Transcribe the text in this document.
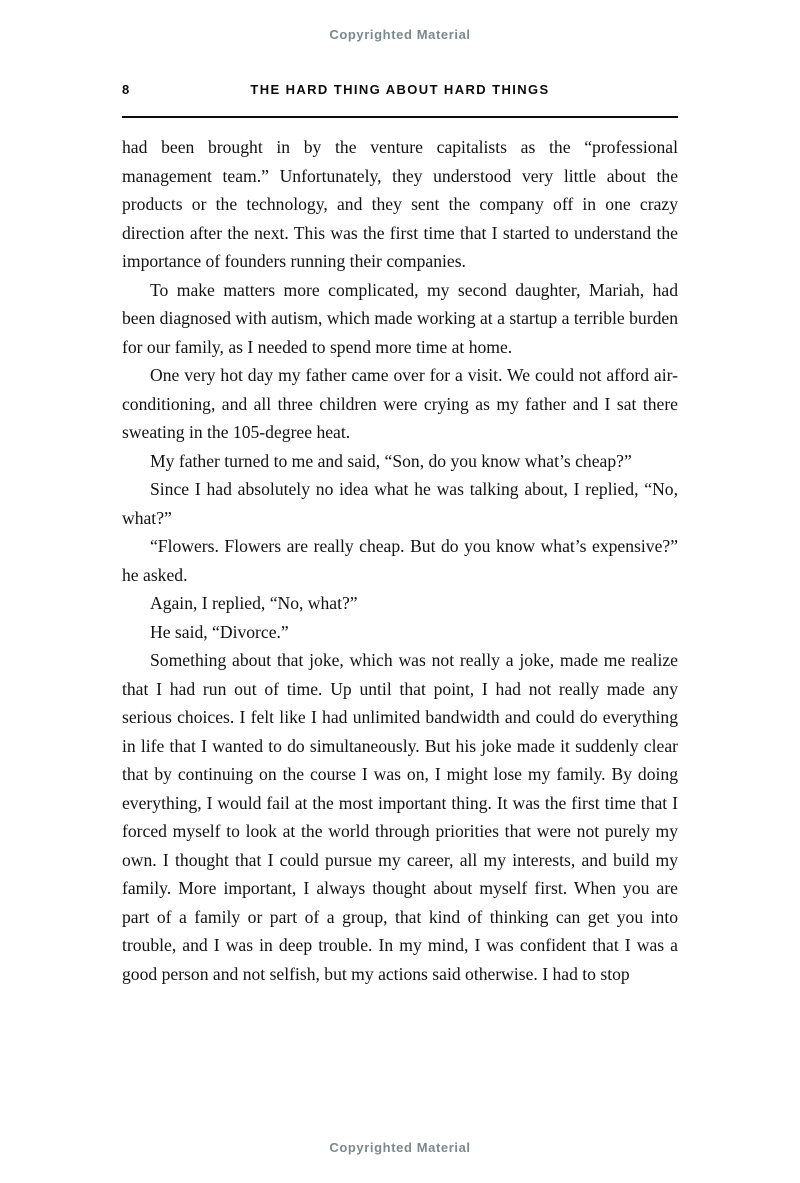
Copyrighted Material
8	THE HARD THING ABOUT HARD THINGS

had been brought in by the venture capitalists as the “professional management team.” Unfortunately, they understood very little about the products or the technology, and they sent the company off in one crazy direction after the next. This was the first time that I started to understand the importance of founders running their companies.

To make matters more complicated, my second daughter, Mariah, had been diagnosed with autism, which made working at a startup a terrible burden for our family, as I needed to spend more time at home.

One very hot day my father came over for a visit. We could not afford air-conditioning, and all three children were crying as my father and I sat there sweating in the 105-degree heat.

My father turned to me and said, “Son, do you know what’s cheap?”

Since I had absolutely no idea what he was talking about, I replied, “No, what?”

“Flowers. Flowers are really cheap. But do you know what’s expensive?” he asked.

Again, I replied, “No, what?”

He said, “Divorce.”

Something about that joke, which was not really a joke, made me realize that I had run out of time. Up until that point, I had not really made any serious choices. I felt like I had unlimited bandwidth and could do everything in life that I wanted to do simultaneously. But his joke made it suddenly clear that by continuing on the course I was on, I might lose my family. By doing everything, I would fail at the most important thing. It was the first time that I forced myself to look at the world through priorities that were not purely my own. I thought that I could pursue my career, all my interests, and build my family. More important, I always thought about myself first. When you are part of a family or part of a group, that kind of thinking can get you into trouble, and I was in deep trouble. In my mind, I was confident that I was a good person and not selfish, but my actions said otherwise. I had to stop

Copyrighted Material
